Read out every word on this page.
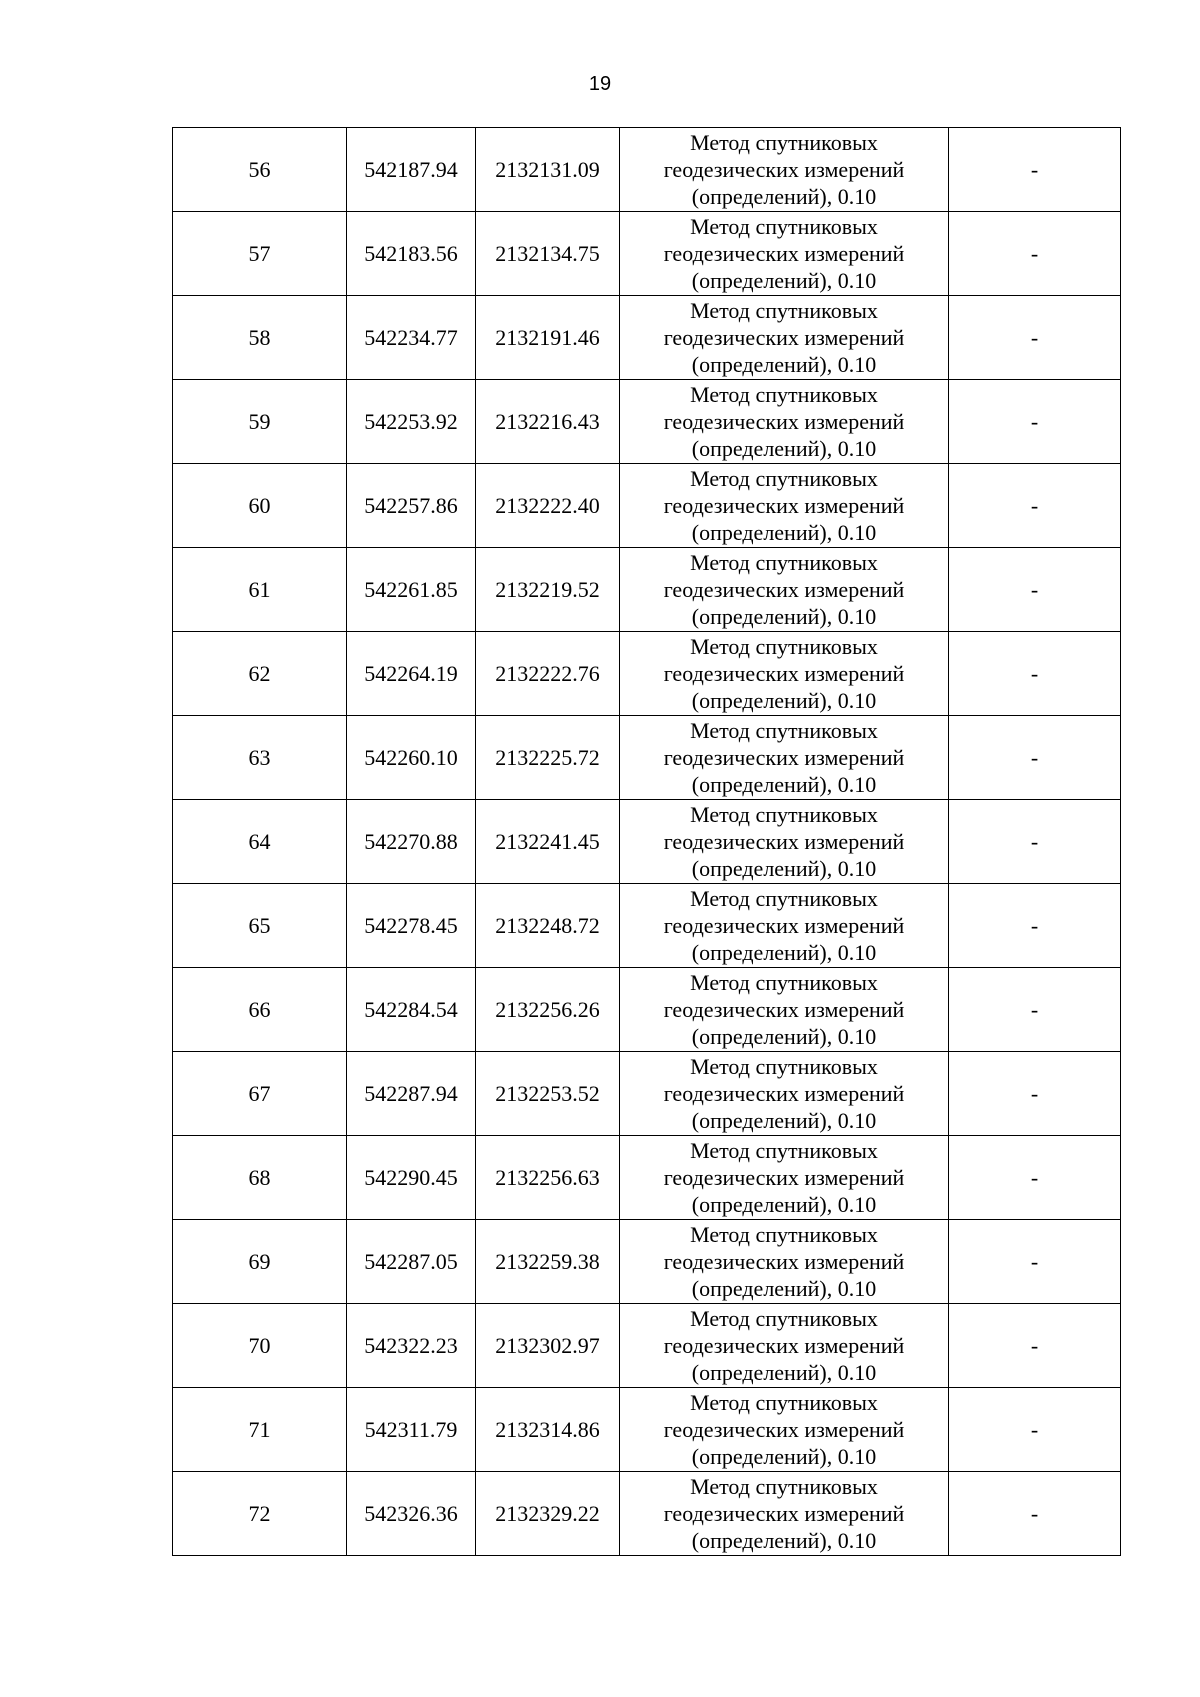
19
56	542187.94	2132131.09	Метод спутниковых
геодезических измерений
(определений), 0.10	-
57	542183.56	2132134.75	Метод спутниковых
геодезических измерений
(определений), 0.10	-
58	542234.77	2132191.46	Метод спутниковых
геодезических измерений
(определений), 0.10	-
59	542253.92	2132216.43	Метод спутниковых
геодезических измерений
(определений), 0.10	-
60	542257.86	2132222.40	Метод спутниковых
геодезических измерений
(определений), 0.10	-
61	542261.85	2132219.52	Метод спутниковых
геодезических измерений
(определений), 0.10	-
62	542264.19	2132222.76	Метод спутниковых
геодезических измерений
(определений), 0.10	-
63	542260.10	2132225.72	Метод спутниковых
геодезических измерений
(определений), 0.10	-
64	542270.88	2132241.45	Метод спутниковых
геодезических измерений
(определений), 0.10	-
65	542278.45	2132248.72	Метод спутниковых
геодезических измерений
(определений), 0.10	-
66	542284.54	2132256.26	Метод спутниковых
геодезических измерений
(определений), 0.10	-
67	542287.94	2132253.52	Метод спутниковых
геодезических измерений
(определений), 0.10	-
68	542290.45	2132256.63	Метод спутниковых
геодезических измерений
(определений), 0.10	-
69	542287.05	2132259.38	Метод спутниковых
геодезических измерений
(определений), 0.10	-
70	542322.23	2132302.97	Метод спутниковых
геодезических измерений
(определений), 0.10	-
71	542311.79	2132314.86	Метод спутниковых
геодезических измерений
(определений), 0.10	-
72	542326.36	2132329.22	Метод спутниковых
геодезических измерений
(определений), 0.10	-
